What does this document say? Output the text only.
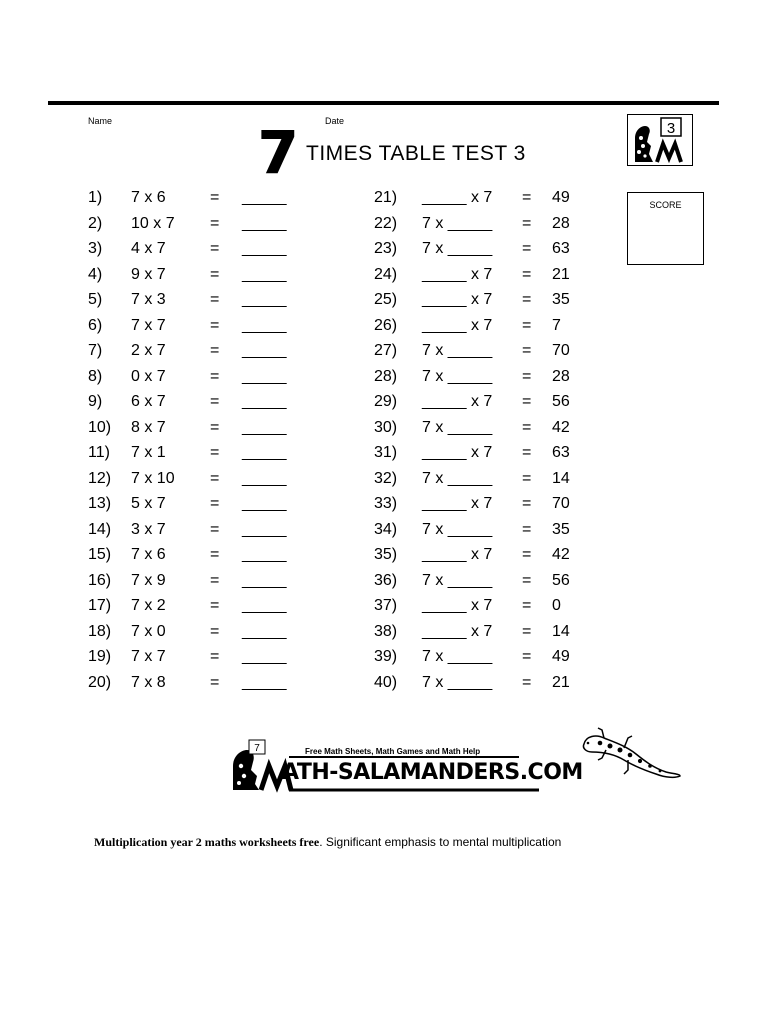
Name	Date
7 TIMES TABLE TEST 3
3
SCORE
1) 7 x 6	= _____
2) 10 x 7 = _____
3) 4 x 7	= _____
4) 9 x 7	= _____
5) 7 x 3	= _____
6) 7 x 7	= _____
7) 2 x 7	= _____
8) 0 x 7	= _____
9) 6 x 7	= _____
10) 8 x 7	= _____
11) 7 x 1	= _____
12) 7 x 10 = _____
13) 5 x 7	= _____
14) 3 x 7	= _____
15) 7 x 6	= _____
16) 7 x 9	= _____
17) 7 x 2	= _____
18) 7 x 0	= _____
19) 7 x 7	= _____
20) 7 x 8	= _____
21) _____ x 7 = 49
22) 7 x _____ = 28
23) 7 x _____ = 63
24) _____ x 7 = 21
25) _____ x 7 = 35
26) _____ x 7 = 7
27) 7 x _____ = 70
28) 7 x _____ = 28
29) _____ x 7 = 56
30) 7 x _____ = 42
31) _____ x 7 = 63
32) 7 x _____ = 14
33) _____ x 7 = 70
34) 7 x _____ = 35
35) _____ x 7 = 42
36) 7 x _____ = 56
37) _____ x 7 = 0
38) _____ x 7 = 14
39) 7 x _____ = 49
40) 7 x _____ = 21
7	Free Math Sheets, Math Games and Math Help
ATH-SALAMANDERS.COM
Multiplication year 2 maths worksheets free. Significant emphasis to mental multiplication
